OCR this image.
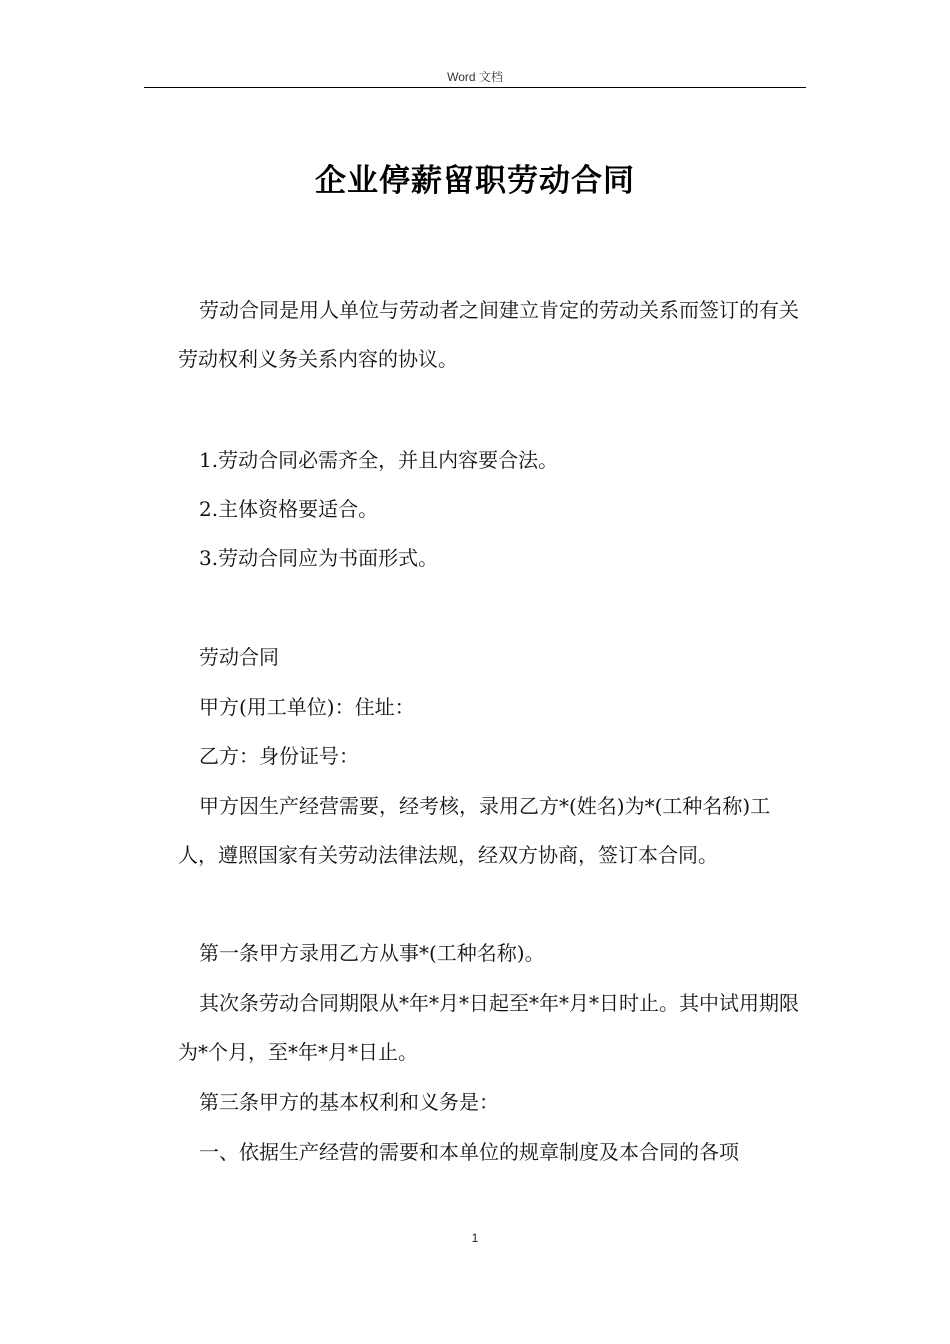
Word 文档
企业停薪留职劳动合同

劳动合同是用人单位与劳动者之间建立肯定的劳动关系而签订的有关劳动权利义务关系内容的协议。

1.劳动合同必需齐全，并且内容要合法。

2.主体资格要适合。

3.劳动合同应为书面形式。

劳动合同

甲方(用工单位)：住址：

乙方：身份证号：

甲方因生产经营需要，经考核，录用乙方*(姓名)为*(工种名称)工人，遵照国家有关劳动法律法规，经双方协商，签订本合同。

第一条甲方录用乙方从事*(工种名称)。

其次条劳动合同期限从*年*月*日起至*年*月*日时止。其中试用期限为*个月，至*年*月*日止。

第三条甲方的基本权利和义务是：

一、依据生产经营的需要和本单位的规章制度及本合同的各项

1
